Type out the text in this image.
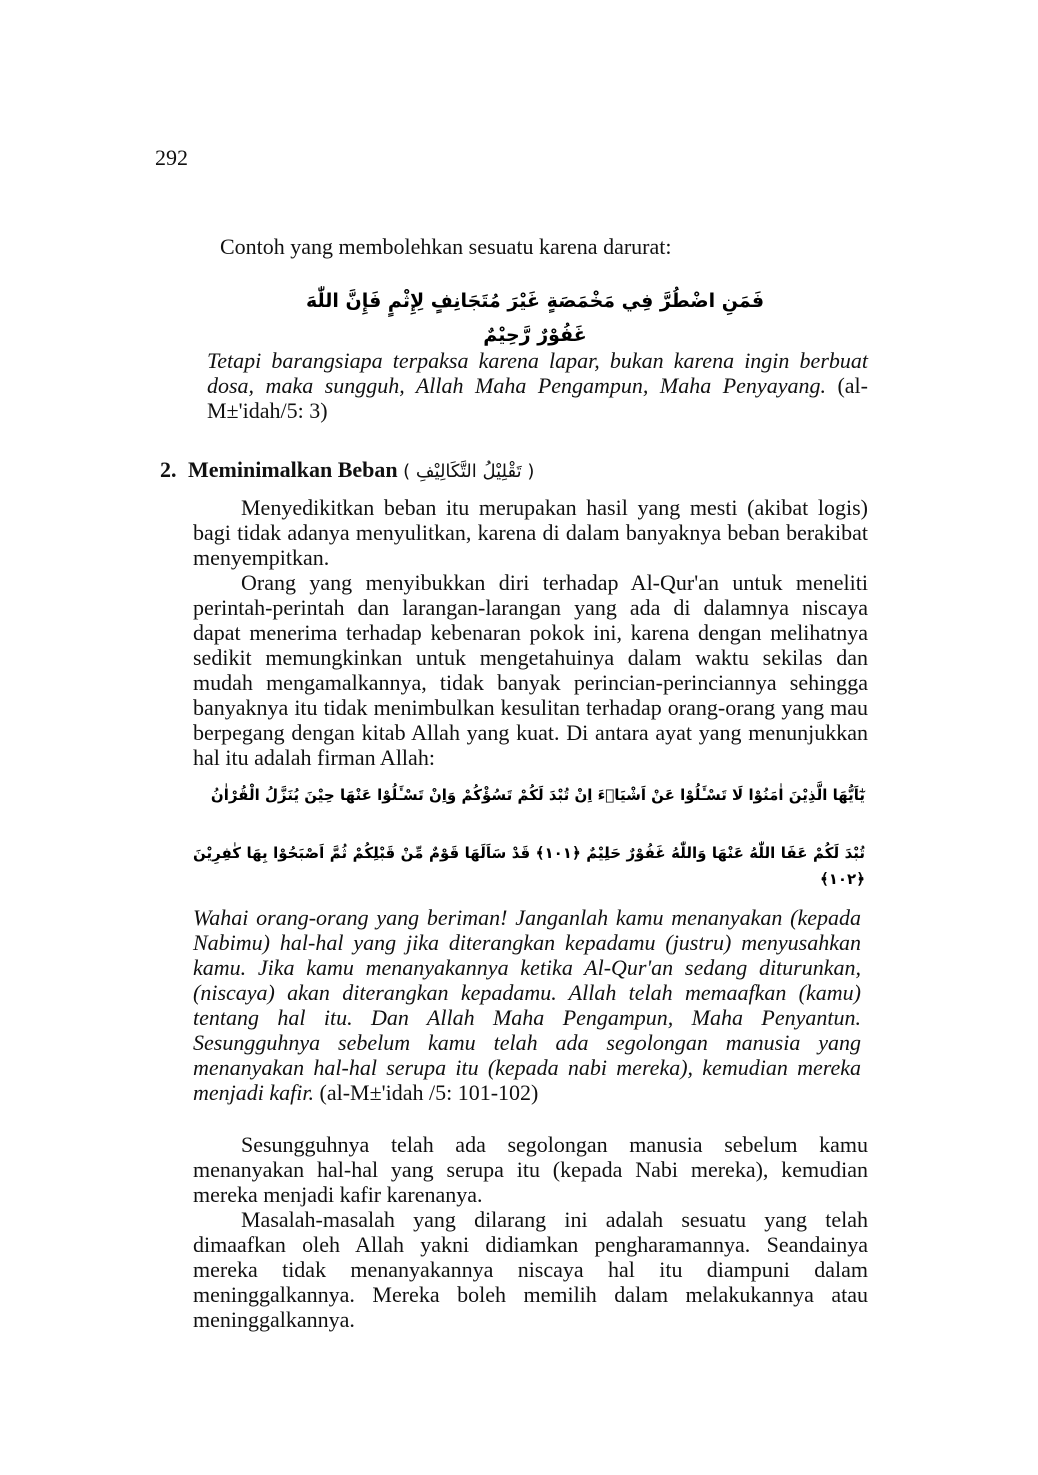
292
Contoh yang membolehkan sesuatu karena darurat:
فَمَنِ اضْطُرَّ فِي مَخْمَصَةٍ غَيْرَ مُتَجَانِفٍ لِإِثْمٍ فَإِنَّ اللّٰهَ غَفُوْرٌ رَّحِيْمٌ
Tetapi barangsiapa terpaksa karena lapar, bukan karena ingin berbuat dosa, maka sungguh, Allah Maha Pengampun, Maha Penyayang. (al-M±'idah/5: 3)
2. Meminimalkan Beban ( تَقْلِيْلُ التَّكَالِيْفِ )

Menyedikitkan beban itu merupakan hasil yang mesti (akibat logis) bagi tidak adanya menyulitkan, karena di dalam banyaknya beban berakibat menyempitkan.

Orang yang menyibukkan diri terhadap Al-Qur'an untuk meneliti perintah-perintah dan larangan-larangan yang ada di dalamnya niscaya dapat menerima terhadap kebenaran pokok ini, karena dengan melihatnya sedikit memungkinkan untuk mengetahuinya dalam waktu sekilas dan mudah mengamalkannya, tidak banyak perincian-perinciannya sehingga banyaknya itu tidak menimbulkan kesulitan terhadap orang-orang yang mau berpegang dengan kitab Allah yang kuat. Di antara ayat yang menunjukkan hal itu adalah firman Allah:

يٰٓاَيُّهَا الَّذِيْنَ اٰمَنُوْا لَا تَسْـَٔلُوْا عَنْ اَشْيَاۤءَ اِنْ تُبْدَ لَكُمْ تَسُؤْكُمْ وَاِنْ تَسْـَٔلُوْا عَنْهَا حِيْنَ يُنَزَّلُ الْقُرْاٰنُ
تُبْدَ لَكُمْ عَفَا اللّٰهُ عَنْهَا وَاللّٰهُ غَفُوْرٌ حَلِيْمٌ ﴿١٠١﴾ قَدْ سَاَلَهَا قَوْمٌ مِّنْ قَبْلِكُمْ ثُمَّ اَصْبَحُوْا بِهَا كٰفِرِيْنَ ﴿١٠٢﴾
Wahai orang-orang yang beriman! Janganlah kamu menanyakan (kepada Nabimu) hal-hal yang jika diterangkan kepadamu (justru) menyusahkan kamu. Jika kamu menanyakannya ketika Al-Qur'an sedang diturunkan, (niscaya) akan diterangkan kepadamu. Allah telah memaafkan (kamu) tentang hal itu. Dan Allah Maha Pengampun, Maha Penyantun. Sesungguhnya sebelum kamu telah ada segolongan manusia yang menanyakan hal-hal serupa itu (kepada nabi mereka), kemudian mereka menjadi kafir. (al-M±'idah /5: 101-102)

Sesungguhnya telah ada segolongan manusia sebelum kamu menanyakan hal-hal yang serupa itu (kepada Nabi mereka), kemudian mereka menjadi kafir karenanya.

Masalah-masalah yang dilarang ini adalah sesuatu yang telah dimaafkan oleh Allah yakni didiamkan pengharamannya. Seandainya mereka tidak menanyakannya niscaya hal itu diampuni dalam meninggalkannya. Mereka boleh memilih dalam melakukannya atau meninggalkannya.
